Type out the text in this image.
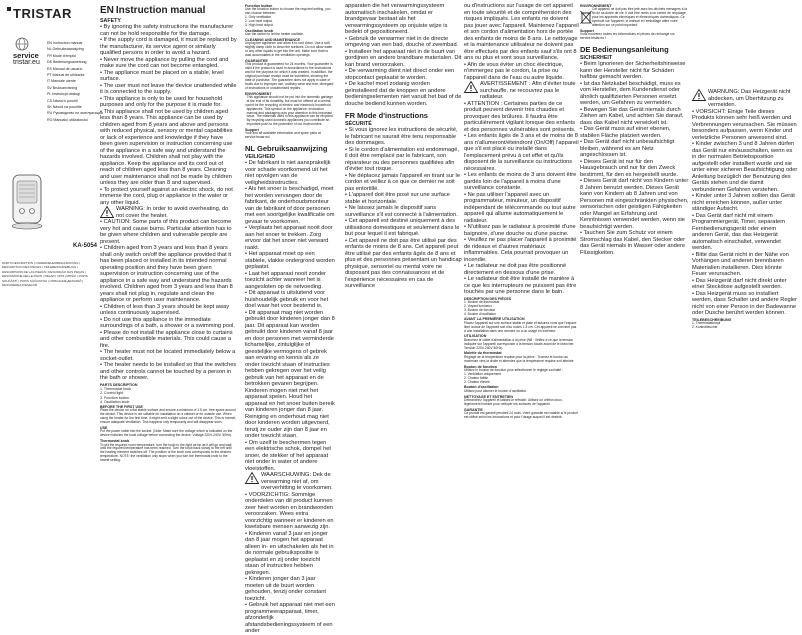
TRISTAR
service
tristar.eu
EN Instruction manual
NL Gebruiksaanwijzing
FR Mode d'emploi
DE Bedienungsanleitung
ES Manual de usuario
PT Manual de utilizador
IT Manuale utente
SV Bruksanvisning
PL Instrukcja obsługi
CS Návod k použití
SK Návod na použitie
RU Руководство по эксплуатации
RO Manualul utilizatorului
KA-5054
PARTS DESCRIPTION | ONDERDELENBESCHRIJVING | DESCRIPTION DES PIÈCES | TEILEBESCHREIBUNG | DESCRIPCIÓN DE LAS PIEZAS | DESCRIÇÃO DAS PEÇAS | DESCRIZIONE DELLE PARTI | DELAR | OPIS CZĘŚCI | POPIS SOUČÁSTÍ | POPIS SÚČIASTOK | ОПИСАНИЕ ДЕТАЛЕЙ | DESCRIEREA PIESELOR
EN Instruction manual
SAFETY
• By ignoring the safety instructions the manufacturer can not be hold responsible for the damage.
• If the supply cord is damaged, it must be replaced by the manufacturer, its service agent or similarly qualified persons in order to avoid a hazard.
• Never move the appliance by pulling the cord and make sure the cord can not become entangled.
• The appliance must be placed on a stable, level surface.
• The user must not leave the device unattended while it is connected to the supply.
• This appliance is only to be used for household purposes and only for the purpose it is made for.
• This appliance shall not be used by children aged less than 8 years. This appliance can be used by children aged from 8 years and above and persons with reduced physical, sensory or mental capabilities or lack of experience and knowledge if they have been given supervision or instruction concerning use of the appliance in a safe way and understand the hazards involved. Children shall not play with the appliance. Keep the appliance and its cord out of reach of children aged less than 8 years. Cleaning and user maintenance shall not be made by children unless they are older than 8 and supervised.
• To protect yourself against an electric shock, do not immerse the cord, plug or appliance in the water or any other liquid.
WARNING: In order to avoid overheating, do not cover the heater.
• CAUTION: Some parts of this product can become very hot and cause burns. Particular attention has to be given where children and vulnerable people are present.
• Children aged from 3 years and less than 8 years shall only switch on/off the appliance provided that it has been placed or installed in its intended normal operating position and they have been given supervision or instruction concerning use of the appliance in a safe way and understand the hazards involved. Children aged from 3 years and less than 8 years shall not plug in, regulate and clean the appliance or perform user maintenance.
• Children of less than 3 years should be kept away unless continuously supervised.
• Do not use this appliance in the immediate surroundings of a bath, a shower or a swimming pool.
• Please do not install the appliance close to curtains and other combustible materials. This could cause a fire.
• The heater must not be located immediately below a socket-outlet.
• The heater needs to be installed so that the switches and other controls cannot be touched by a person in the bath or shower.
PARTS DESCRIPTION
1. Thermostat knob
2. Control light
3. Function button
4. Oscillation knob
BEFORE THE FIRST USE
Place the device on a flat stable surface and ensure a minimum of 1.5 cm. free space around the device. This device is not suitable for installation on a cabinet or for outside use. When using the heater for the first time, it might emit a slight odour out of the device. This is normal; ensure adequate ventilation. This happens only temporarily and will disappear soon.
USE
Put the power cable into the socket. (Note: Make sure the voltage which is indicated on the device matches the local voltage before connecting the device. Voltage 220V-240V, 50Hz).
Thermostat knob
To set the required room temperature, turn the knob to the right as far as it will go and wait until the required temperature has been reached. Turn the knob back slowly to the left until the heating element switches off. The position of the knob now corresponds to the desired temperature. NOTE: the ventilation only stops when you turn the thermostat knob to the lowest setting.
Function button
Use the function button to choose the required setting, you can choose between:
1. Only ventilation
2. Low heat output
3. High heat output
Oscillation knob
Use the switch to let the heater oscillate.
CLEANING AND MAINTENANCE
Unplug the appliance and allow it to cool down. Use a soft, slightly damp cloth to clean the surfaces. Do not allow water or any other liquids to get into the unit. Make sure that no dust accumulates in the ventilation openings.
GUARANTEE
This product is guaranteed for 24 months. Your guarantee is valid if the product is used in accordance to the instructions and for the purpose for which it was created. In addition, the original purchase receipt must be submitted, showing the date of purchase. The guarantee does not apply in case of faults due to improper use, ordinary wear and tear, disregard of instructions or unauthorised repairs.
ENVIRONMENT
This appliance should not be put into the domestic garbage at the end of its durability, but must be offered at a central point for the recycling of electric and electronic household appliances. This symbol on the appliance, instruction manual and packaging puts your attention to this important issue. The materials used in this appliance can be recycled. By recycling used domestic appliances you contribute an important push to the protection of our environment.
Support
Your find all available information and spare parts at service.tristar.eu!
NL Gebruiksaanwijzing
VEILIGHEID
• De fabrikant is niet aansprakelijk voor schade voortkomend uit het niet opvolgen van de veiligheidsinstructies.
• Als het snoer is beschadigd, moet het worden vervangen door de fabrikant, de onderhoudsmonteur van de fabrikant of door personen met een soortgelijke kwalificatie om gevaar te voorkomen.
• Verplaats het apparaat nooit door aan het snoer te trekken. Zorg ervoor dat het snoer niet verward raakt.
• Het apparaat moet op een stabiele, vlakke ondergrond worden geplaatst.
• Laat het apparaat nooit zonder toezicht achter wanneer het is aangesloten op de netvoeding.
• Dit apparaat is uitsluitend voor huishoudelijk gebruik en voor het doel waar het voor bestemd is.
• Dit apparaat mag niet worden gebruikt door kinderen jonger dan 8 jaar. Dit apparaat kan worden gebruikt door kinderen vanaf 8 jaar en door personen met verminderde lichamelijke, zintuiglijke of geestelijke vermogens of gebrek aan ervaring en kennis als ze onder toezicht staan of instructies hebben gekregen over het veilig gebruik van het apparaat en de betrokken gevaren begrijpen. Kinderen mogen niet met het apparaat spelen. Houd het apparaat en het snoer buiten bereik van kinderen jonger dan 8 jaar. Reiniging en onderhoud mag niet door kinderen worden uitgevoerd, tenzij ze ouder zijn dan 8 jaar en onder toezicht staan.
• Om uzelf te beschermen tegen een elektrische schok, dompel het snoer, de stekker of het apparaat niet onder in water of andere vloeistoffen.
WAARSCHUWING: Dek de verwarming niet af, om oververhitting te voorkomen.
• VOORZICHTIG: Sommige onderdelen van dit product kunnen zeer heet worden en brandwonden veroorzaken. Wees extra voorzichtig wanneer er kinderen en kwetsbare mensen aanwezig zijn.
• Kinderen vanaf 3 jaar en jonger dan 8 jaar mogen het apparaat alleen in- en uitschakelen als het in de normale gebruikspositie is geplaatst en zij onder toezicht staan of instructies hebben gekregen.
• Kinderen jonger dan 3 jaar moeten uit de buurt worden gehouden, tenzij onder constant toezicht.
• Gebruik het apparaat niet met een programmeerapparaat, timer, afzonderlijk afstandsbedieningssysteem of een ander
apparaten die het verwarmingssysteem automatisch inschakelen, omdat er brandgevaar bestaat als het verwarmingssysteem op onjuiste wijze is bedekt of gepositioneerd.
• Gebruik de verwarmer niet in de directe omgeving van een bad, douche of zwembad.
• Installeer het apparaat niet in de buurt van gordijnen en andere brandbare materialen. Dit kan brand veroorzaken.
• De verwarming dient niet direct onder een stopcontact geplaatst te worden.
• De kachel moet zodanig worden geïnstalleerd dat de knoppen en andere bedieningselementen niet vanuit het bad of de douche bediend kunnen worden.
FR Mode d'instructions
SÉCURITÉ
• Si vous ignorez les instructions de sécurité, le fabricant ne saurait être tenu responsable des dommages.
• Si le cordon d'alimentation est endommagé, il doit être remplacé par le fabricant, son réparateur ou des personnes qualifiées afin d'éviter tout risque.
• Ne déplacez jamais l'appareil en tirant sur le cordon et veillez à ce que ce dernier ne soit pas entortillé.
• L'appareil doit être posé sur une surface stable et horizontale.
• Ne laissez jamais le dispositif sans surveillance s'il est connecté à l'alimentation.
• Cet appareil est destiné uniquement à des utilisations domestiques et seulement dans le but pour lequel il est fabriqué.
• Cet appareil ne doit pas être utilisé par des enfants de moins de 8 ans. Cet appareil peut être utilisé par des enfants âgés de 8 ans et plus et des personnes présentant un handicap physique, sensoriel ou mental voire ne disposant pas des connaissances et de l'expérience nécessaires en cas de surveillance
ou d'instructions sur l'usage de cet appareil en toute sécurité et de compréhension des risques impliqués. Les enfants ne doivent pas jouer avec l'appareil. Maintenez l'appareil et son cordon d'alimentation hors de portée des enfants de moins de 8 ans. Le nettoyage et la maintenance utilisateur ne doivent pas être effectués par des enfants sauf s'ils ont 8 ans ou plus et sont sous surveillance.
• Afin de vous éviter un choc électrique, n'immergez pas le cordon, la prise ou l'appareil dans de l'eau ou autre liquide.
AVERTISSEMENT : Afin d'éviter toute surchauffe, ne recouvrez pas le radiateur.
• ATTENTION : Certaines parties de ce produit peuvent devenir très chaudes et provoquer des brûlures. Il faudra être particulièrement vigilant lorsque des enfants et des personnes vulnérables sont présents.
• Les enfants âgés de 3 ans et de moins de 8 ans n'allumeront/éteindront (On/Off) l'appareil que s'il est placé ou installé dans l'emplacement prévu à cet effet et qu'ils disposent de la surveillance ou instructions nécessaires.
• Les enfants de moins de 3 ans doivent être gardés loin de l'appareil à moins d'une surveillance constante.
• Ne pas utiliser l'appareil avec un programmateur, minuteur, un dispositif indépendant de télécommande ou tout autre appareil qui allume automatiquement le radiateur.
• N'utilisez pas le radiateur à proximité d'une baignoire, d'une douche ou d'une piscine.
• Veuillez ne pas placer l'appareil à proximité de rideaux et d'autres matériaux inflammables. Cela pourrait provoquer un incendie.
• Le radiateur ne doit pas être positionné directement en dessous d'une prise.
• Le radiateur doit être installé de manière à ce que les interrupteurs ne puissent pas être touchés par une personne dans le bain.
DESCRIPTION DES PIÈCES
1. Bouton de thermostat
2. Voyant lumineux
3. Bouton de fonction
4. Bouton d'oscillation
AVANT LA PREMIÈRE UTILISATION
Placez l'appareil sur une surface stable et plate et assurez-vous que l'espace libre autour de l'appareil soit d'au moins 1.5 cm. Cet appareil ne convient pas à une installation dans une armoire ou à un usage en extérieur.
UTILISATION
Branchez le câble d'alimentation à la prise (NB : Veillez à ce que la tension indiquée sur l'appareil corresponde à la tension locale avant de le brancher. Tension 220V-240V 50Hz).
Molette du thermostat
Réglage de la température requise pour la pièce : Tournez le bouton au maximum vers la droite et attendez que la température requise soit atteinte.
Bouton de fonction
Utilisez le bouton de fonction pour sélectionner le réglage souhaité :
1. Ventilation uniquement
2. Chaleur faible
3. Chaleur élevée
Bouton d'oscillation
Utilisez pour allumer le bouton d'oscillation.
NETTOYAGE ET ENTRETIEN
Débranchez l'appareil et laissez-le refroidir. Utilisez un chiffon doux, légèrement humide pour nettoyer les surfaces de l'appareil.
GARANTIE
Ce produit est garanti pendant 24 mois. Votre garantie est valable si le produit est utilisé selon les instructions et pour l'usage auquel il est destiné.
ENVIRONNEMENT
Cet appareil ne doit pas être jeté avec les déchets ménagers à la fin de sa durée de vie. Il doit être remis à un centre de recyclage pour les appareils électriques et électroniques domestiques. Ce symbole sur l'appareil, le manuel et l'emballage attire votre attention sur ce point important.
Support
Vous trouverez toutes les informations et pièces de rechange sur service.tristar.eu !
DE Bedienungsanleitung
SICHERHEIT
• Beim Ignorieren der Sicherheitshinweise kann der Hersteller nicht für Schäden haftbar gemacht werden.
• Ist das Netzkabel beschädigt, muss es vom Hersteller, dem Kundendienst oder ähnlich qualifizierten Personen ersetzt werden, um Gefahren zu vermeiden.
• Bewegen Sie das Gerät niemals durch Ziehen am Kabel, und achten Sie darauf, dass das Kabel nicht verwickelt ist.
• Das Gerät muss auf einer ebenen, stabilen Fläche platziert werden.
• Das Gerät darf nicht unbeaufsichtigt bleiben, während es am Netz angeschlossen ist.
• Dieses Gerät ist nur für den Hausgebrauch und nur für den Zweck bestimmt, für den es hergestellt wurde.
• Dieses Gerät darf nicht von Kindern unter 8 Jahren benutzt werden. Dieses Gerät kann von Kindern ab 8 Jahren und von Personen mit eingeschränkten physischen, sensorischen oder geistigen Fähigkeiten oder Mangel an Erfahrung und Kenntnissen verwendet werden, wenn sie beaufsichtigt werden.
• Tauchen Sie zum Schutz vor einem Stromschlag das Kabel, den Stecker oder das Gerät niemals in Wasser oder andere Flüssigkeiten.
WARNUNG: Das Heizgerät nicht abdecken, um Überhitzung zu vermeiden.
• VORSICHT: Einige Teile dieses Produkts können sehr heiß werden und Verbrennungen verursachen. Sie müssen besonders aufpassen, wenn Kinder und verletzliche Personen anwesend sind.
• Kinder zwischen 3 und 8 Jahren dürfen das Gerät nur ein/ausschalten, wenn es in der normalen Betriebsposition aufgestellt oder installiert wurde und sie unter einer sicheren Beaufsichtigung oder Anleitung bezüglich der Benutzung des Geräts stehen und die damit verbundenen Gefahren verstehen.
• Kinder unter 3 Jahren sollten das Gerät nicht erreichen können, außer unter ständiger Aufsicht.
• Das Gerät darf nicht mit einem Programmiergerät, Timer, separatem Fernbedienungsgerät oder einem anderen Gerät, das das Heizgerät automatisch einschaltet, verwendet werden.
• Bitte das Gerät nicht in der Nähe von Vorhängen und anderen brennbaren Materialien installieren. Dies könnte Feuer verursachen.
• Das Heizgerät darf nicht direkt unter einer Steckdose aufgestellt werden.
• Das Heizgerät muss so installiert werden, dass Schalter und andere Regler nicht von einer Person in der Badewanne oder Dusche berührt werden können.
TEILEBESCHREIBUNG
1. Thermostatknopf
2. Kontrollleuchte
